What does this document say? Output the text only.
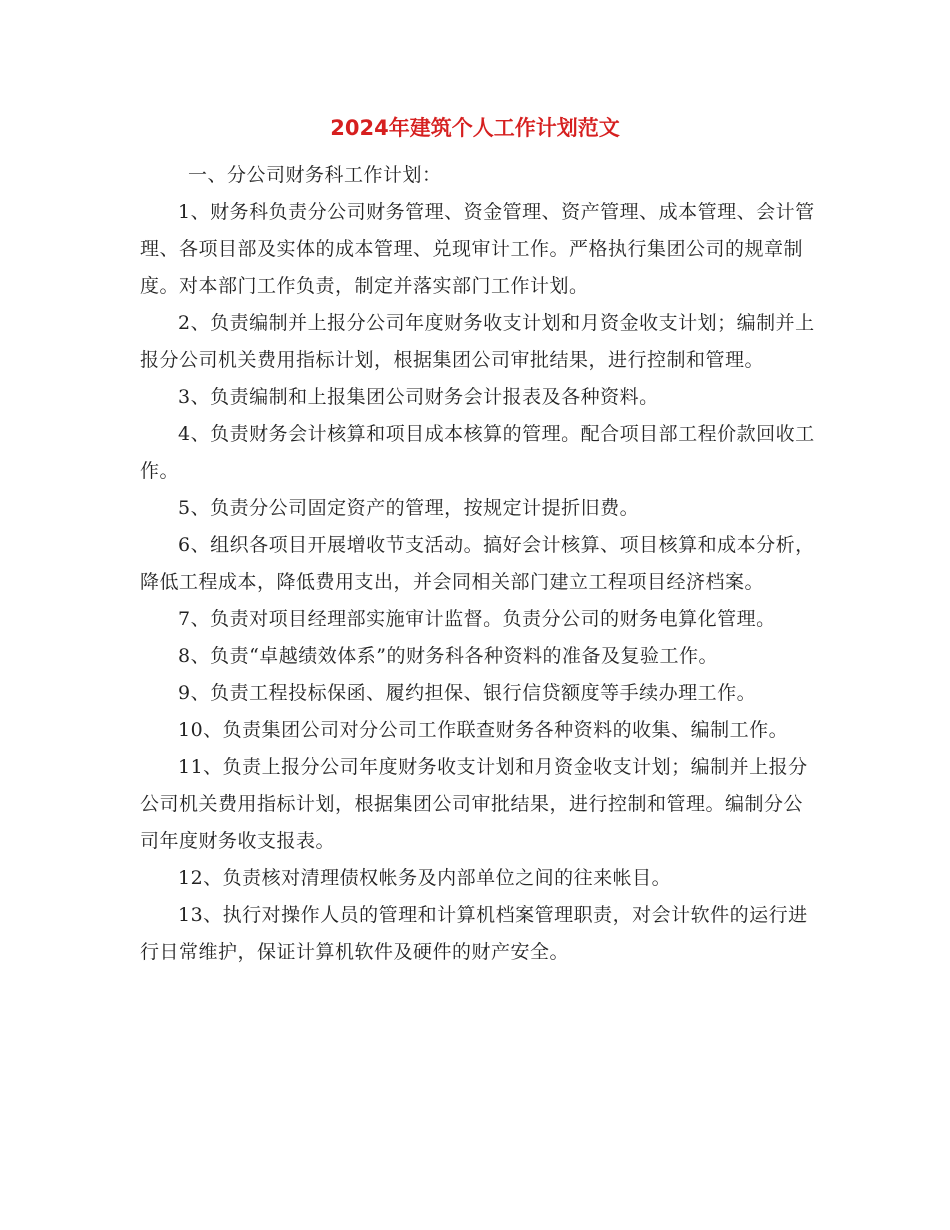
2024年建筑个人工作计划范文

一、分公司财务科工作计划：

1、财务科负责分公司财务管理、资金管理、资产管理、成本管理、会计管理、各项目部及实体的成本管理、兑现审计工作。严格执行集团公司的规章制度。对本部门工作负责，制定并落实部门工作计划。

2、负责编制并上报分公司年度财务收支计划和月资金收支计划；编制并上报分公司机关费用指标计划，根据集团公司审批结果，进行控制和管理。

3、负责编制和上报集团公司财务会计报表及各种资料。

4、负责财务会计核算和项目成本核算的管理。配合项目部工程价款回收工作。

5、负责分公司固定资产的管理，按规定计提折旧费。

6、组织各项目开展增收节支活动。搞好会计核算、项目核算和成本分析，降低工程成本，降低费用支出，并会同相关部门建立工程项目经济档案。

7、负责对项目经理部实施审计监督。负责分公司的财务电算化管理。

8、负责“卓越绩效体系”的财务科各种资料的准备及复验工作。

9、负责工程投标保函、履约担保、银行信贷额度等手续办理工作。

10、负责集团公司对分公司工作联查财务各种资料的收集、编制工作。

11、负责上报分公司年度财务收支计划和月资金收支计划；编制并上报分公司机关费用指标计划，根据集团公司审批结果，进行控制和管理。编制分公司年度财务收支报表。

12、负责核对清理债权帐务及内部单位之间的往来帐目。

13、执行对操作人员的管理和计算机档案管理职责，对会计软件的运行进行日常维护，保证计算机软件及硬件的财产安全。
